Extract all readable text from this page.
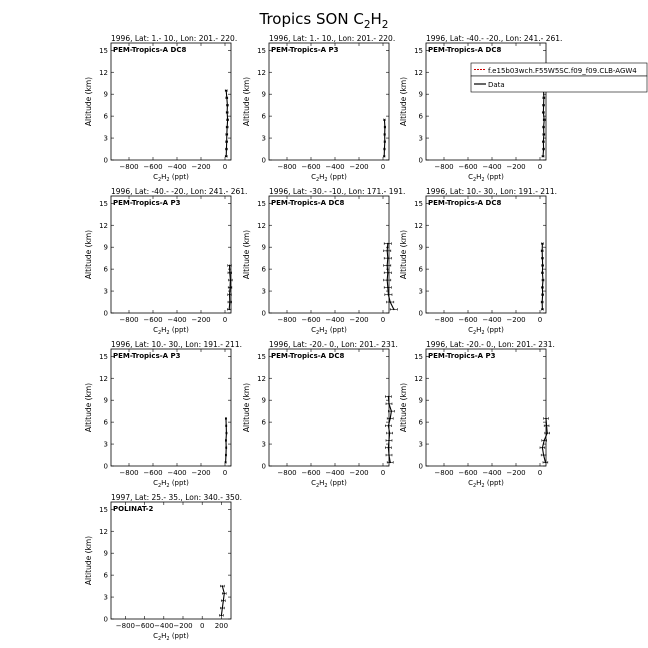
Tropics SON $C_2H_2$
1996, Lat: 1.- 10., Lon: 201.- 220.
PEM-Tropics-A DC8
−800 −600 −400 −200 0
0
3
6
9
12
15
$C_2H_2$ (ppt)
Altitude (km)
1996, Lat: 1.- 10., Lon: 201.- 220.
PEM-Tropics-A P3
−800 −600 −400 −200 0
0
3
6
9
12
15
$C_2H_2$ (ppt)
Altitude (km)
1996, Lat: -40.- -20., Lon: 241.- 261.
PEM-Tropics-A DC8
−800 −600 −400 −200 0
0
3
6
9
12
15
$C_2H_2$ (ppt)
Altitude (km)
1996, Lat: -40.- -20., Lon: 241.- 261.
PEM-Tropics-A P3
−800 −600 −400 −200 0
0
3
6
9
12
15
$C_2H_2$ (ppt)
Altitude (km)
1996, Lat: -30.- -10., Lon: 171.- 191.
PEM-Tropics-A DC8
−800 −600 −400 −200 0
0
3
6
9
12
15
$C_2H_2$ (ppt)
Altitude (km)
1996, Lat: 10.- 30., Lon: 191.- 211.
PEM-Tropics-A DC8
−800 −600 −400 −200 0
0
3
6
9
12
15
$C_2H_2$ (ppt)
Altitude (km)
1996, Lat: 10.- 30., Lon: 191.- 211.
PEM-Tropics-A P3
−800 −600 −400 −200 0
0
3
6
9
12
15
$C_2H_2$ (ppt)
Altitude (km)
1996, Lat: -20.- 0., Lon: 201.- 231.
PEM-Tropics-A DC8
−800 −600 −400 −200 0
0
3
6
9
12
15
$C_2H_2$ (ppt)
Altitude (km)
1996, Lat: -20.- 0., Lon: 201.- 231.
PEM-Tropics-A P3
−800 −600 −400 −200 0
0
3
6
9
12
15
$C_2H_2$ (ppt)
Altitude (km)
1997, Lat: 25.- 35., Lon: 340.- 350.
POLINAT-2
−800 −600 −400 −200 0 200
0
3
6
9
12
15
$C_2H_2$ (ppt)
Altitude (km)
f.e15b03wch.F55W5SC.f09_f09.CLB-AGW4
Data
